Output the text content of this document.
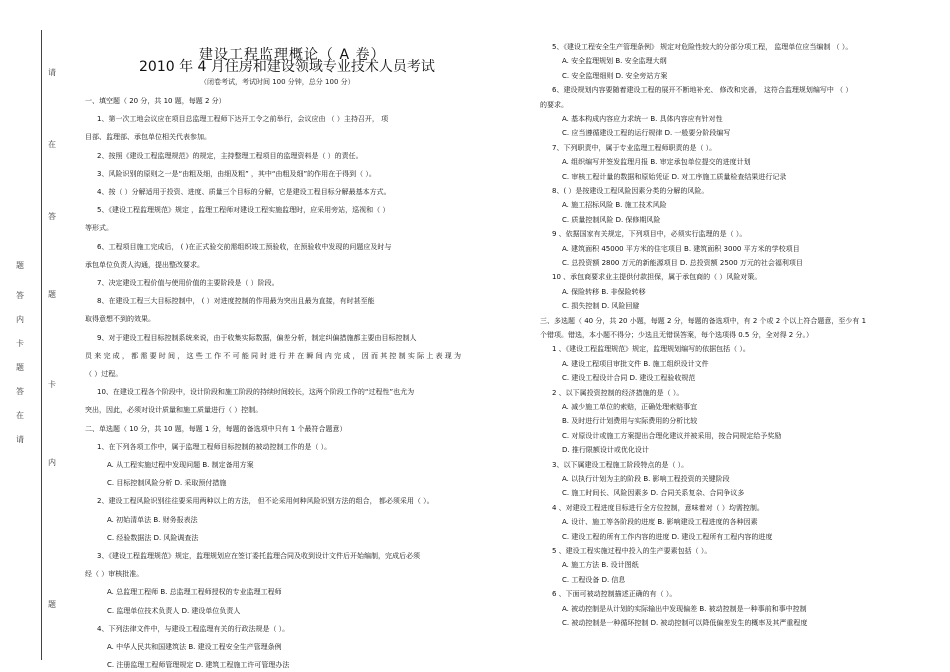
题
答
内
卡
题
答
在
请
请
在
答
题
卡
内
题
建设工程监理概论（ A 卷）
2010 年 4 月住房和建设领域专业技术人员考试
（闭卷考试，考试时间 100 分钟，总分 100 分）
一、填空题（ 20 分，共 10 题，每题 2 分）
1、第一次工地会议应在项目总监理工程师下达开工令之前举行，会议应由 （ ）主持召开， 项
目部、监理部、承包单位相关代表参加。
2、按照《建设工程监理规范》的规定，主持整理工程项目的监理资料是（ ）的责任。
3、风险识别的原则之一是“由粗及细，由细及粗” ，其中“由粗及细”的作用在于得到（ ）。
4、按（ ）分解适用于投资、进度、质量三个目标的分解，它是建设工程目标分解最基本方式。
5、《建设工程监理规范》规定 ，监理工程师对建设工程实施监理时，应采用旁站，巡视和（ ）
等形式。
6、工程项目施工完成后， ( )在正式验交前需组织竣工预验收，在预验收中发现的问题应及时与
承包单位负责人沟通，提出整改要求。
7、决定建设工程价值与使用价值的主要阶段是（ ）阶段。
8、在建设工程三大目标控制中， ( ）对进度控制的作用最为突出且最为直接，有时甚至能
取得意想不到的效果。
9、对于建设工程目标控制系统来说，由于收集实际数据，偏差分析，制定纠偏措施都主要由目标控制人
员 来 完 成 ， 都 需 要 时 间 ， 这 些 工 作 不 可 能 同 时 进 行 并 在 瞬 间 内 完 成 ， 因 而 其 控 制 实 际 上 表 现 为
（ ）过程。
10、在建设工程各个阶段中，设计阶段和施工阶段的持续时间较长，这两个阶段工作的“过程性”也尤为
突出，因此，必须对设计质量和施工质量进行（ ）控制。
二、单选题（ 10 分，共 10 题，每题 1 分，每题的备选项中只有 1 个最符合题意）
1、在下列各项工作中，属于监理工程师目标控制的被动控制工作的是（ ）。
A. 从工程实施过程中发现问题 B. 制定备用方案
C. 目标控制风险分析 D. 采取预付措施
2、建设工程风险识别往往要采用两种以上的方法， 但不论采用何种风险识别方法的组合， 都必须采用（ ）。
A. 初始清单法 B. 财务报表法
C. 经验数据法 D. 风险调查法
3、《建设工程监理规范》规定，监理规划应在签订委托监理合同及收到设计文件后开始编制，完成后必须
经（ ）审核批准。
A. 总监理工程师 B. 总监理工程师授权的专业监理工程师
C. 监理单位技术负责人 D. 建设单位负责人
4、下列法律文件中，与建设工程监理有关的行政法规是（ ）。
A. 中华人民共和国建筑法 B. 建设工程安全生产管理条例
C. 注册监理工程师管理规定 D. 建筑工程施工许可管理办法
5、《建设工程安全生产管理条例》 规定对危险性较大的分部分项工程， 监理单位应当编制 （ ）。
A. 安全监理规划 B. 安全监理大纲
C. 安全监理细则 D. 安全旁站方案
6、建设规划内容要随着建设工程的展开不断地补充、 修改和完善， 这符合监理规划编写中 （ ）
的要求。
A. 基本构成内容应力求统一 B. 具体内容应有针对性
C. 应当遵循建设工程的运行规律 D. 一般要分阶段编写
7、下列职责中，属于专业监理工程师职责的是（ ）。
A. 组织编写并签发监理月报 B. 审定承包单位提交的进度计划
C. 审核工程计量的数据和原始凭证 D. 对工序施工质量检查结果进行记录
8、( ）是按建设工程风险因素分类的分解的风险。
A. 施工招标风险 B. 施工技术风险
C. 质量控制风险 D. 保修期风险
9 、依据国家有关规定，下列项目中，必须实行监理的是（ ）。
A. 建筑面积 45000 平方米的住宅项目 B. 建筑面积 3000 平方米的学校项目
C. 总投资额 2800 万元的新能源项目 D. 总投资额 2500 万元的社会福利项目
10 、承包商要求业主提供付款担保，属于承包商的（ ）风险对策。
A. 保险转移 B. 非保险转移
C. 损失控制 D. 风险回避
三、多选题（ 40 分，共 20 小题，每题 2 分，每题的备选项中，有 2 个或 2 个以上符合题意，至少有 1
个错项。错选，本小题不得分；少选且无错误答案，每个选项得 0.5 分，全对得 2 分。）
1 、《建设工程监理规范》规定，监理规划编写的依据包括（ ）。
A. 建设工程项目审批文件 B. 施工组织设计文件
C. 建设工程设计合同 D. 建设工程验收规范
2 、以下属投资控制的经济措施的是（ ）。
A. 减少施工单位的索赔，正确处理索赔事宜
B. 及时进行计划费用与实际费用的分析比较
C. 对原设计或施工方案提出合理化建议并被采用，按合同规定给予奖励
D. 推行限额设计或优化设计
3、以下属建设工程施工阶段特点的是（ ）。
A. 以执行计划为主的阶段 B. 影响工程投资的关键阶段
C. 施工时间长、风险因素多 D. 合同关系复杂、合同争议多
4 、对建设工程进度目标进行全方位控制，意味着对（ ）均需控制。
A. 设计、施工等各阶段的进度 B. 影响建设工程进度的各种因素
C. 建设工程的所有工作内容的进度 D. 建设工程所有工程内容的进度
5 、建设工程实施过程中投入的生产要素包括（ ）。
A. 施工方法 B. 设计图纸
C. 工程设备 D. 信息
6 、下面可被动控制描述正确的有（ ）。
A. 被动控制是从计划的实际输出中发现偏差 B. 被动控制是一种事前和事中控制
C. 被动控制是一种循环控制 D. 被动控制可以降低偏差发生的概率及其严重程度
